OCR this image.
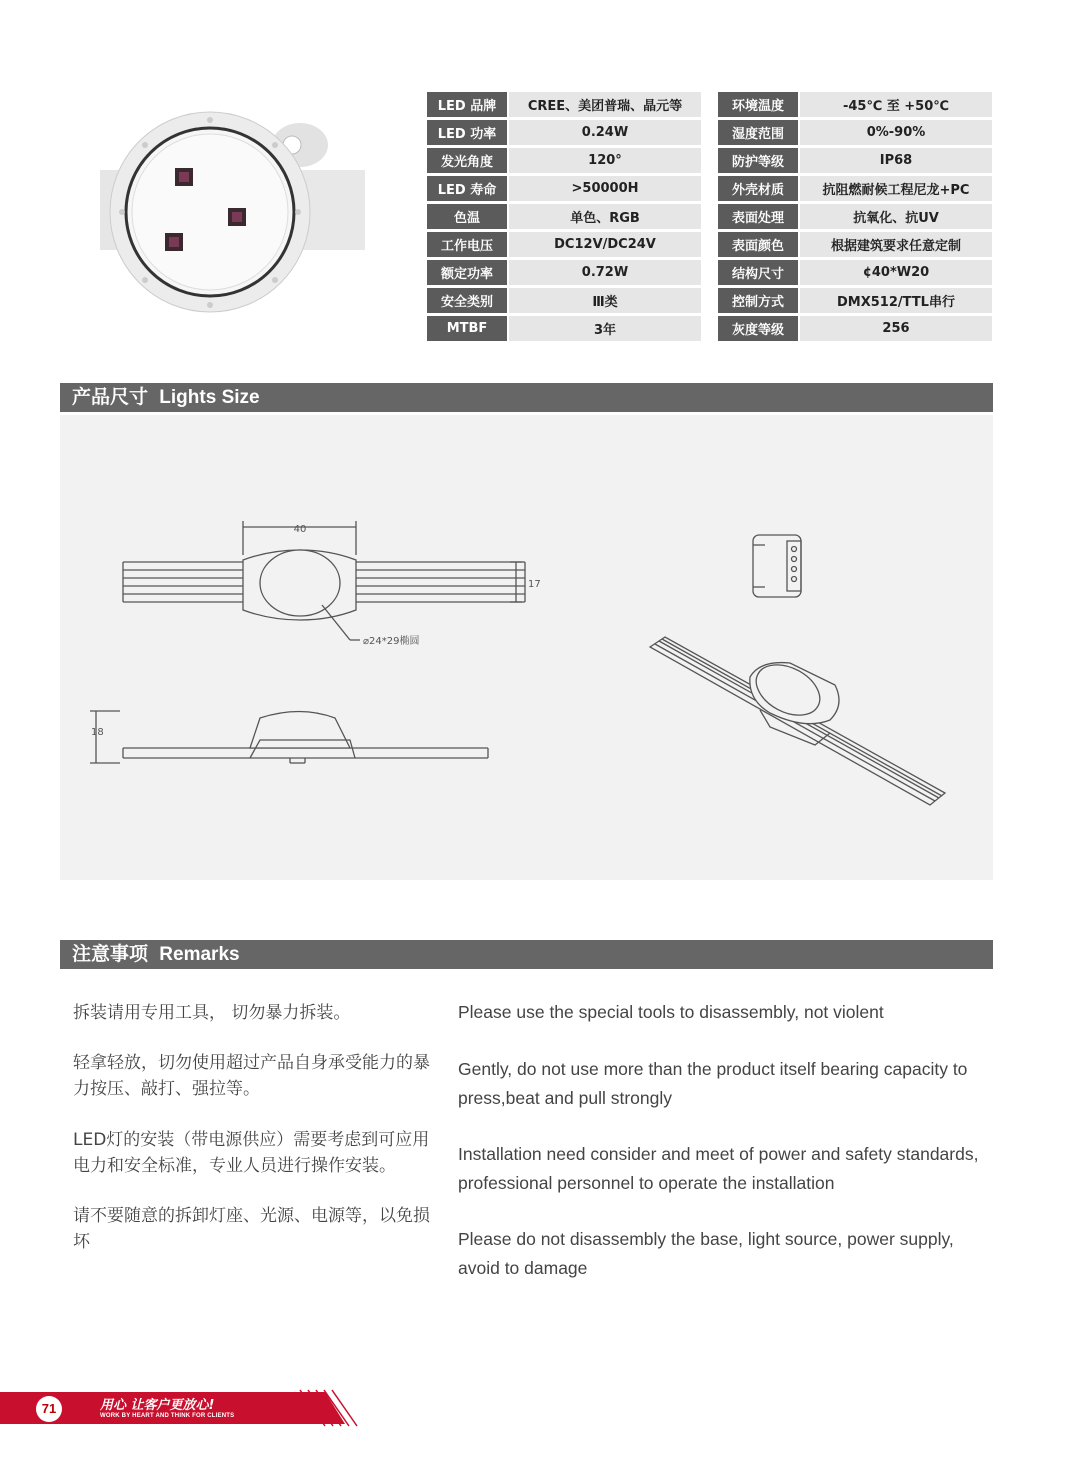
LED 品牌	CREE、美团普瑞、晶元等
LED 功率	0.24W
发光角度	120°
LED 寿命	>50000H
色温	单色、RGB
工作电压	DC12V/DC24V
额定功率	0.72W
安全类别	Ⅲ类
MTBF	3年
环境温度	-45℃ 至 +50℃
湿度范围	0%-90%
防护等级	IP68
外壳材质	抗阻燃耐候工程尼龙+PC
表面处理	抗氧化、抗UV
表面颜色	根据建筑要求任意定制
结构尺寸	¢40*W20
控制方式	DMX512/TTL串行
灰度等级	256
产品尺寸 Lights Size
40
17
⌀24*29椭圆
18
注意事项 Remarks
拆装请用专用工具， 切勿暴力拆装。	Please use the special tools to disassembly, not violent
轻拿轻放，切勿使用超过产品自身承受能力的暴力按压、敲打、强拉等。
Gently, do not use more than the product itself bearing capacity to press,beat and pull strongly
LED灯的安装（带电源供应）需要考虑到可应用电力和安全标准，专业人员进行操作安装。
Installation need consider and meet of power and safety standards, professional personnel to operate the installation
请不要随意的拆卸灯座、光源、电源等，以免损坏	Please do not disassembly the base, light source, power supply, avoid to damage
71	用心 让客户更放心!
WORK BY HEART AND THINK FOR CLIENTS
